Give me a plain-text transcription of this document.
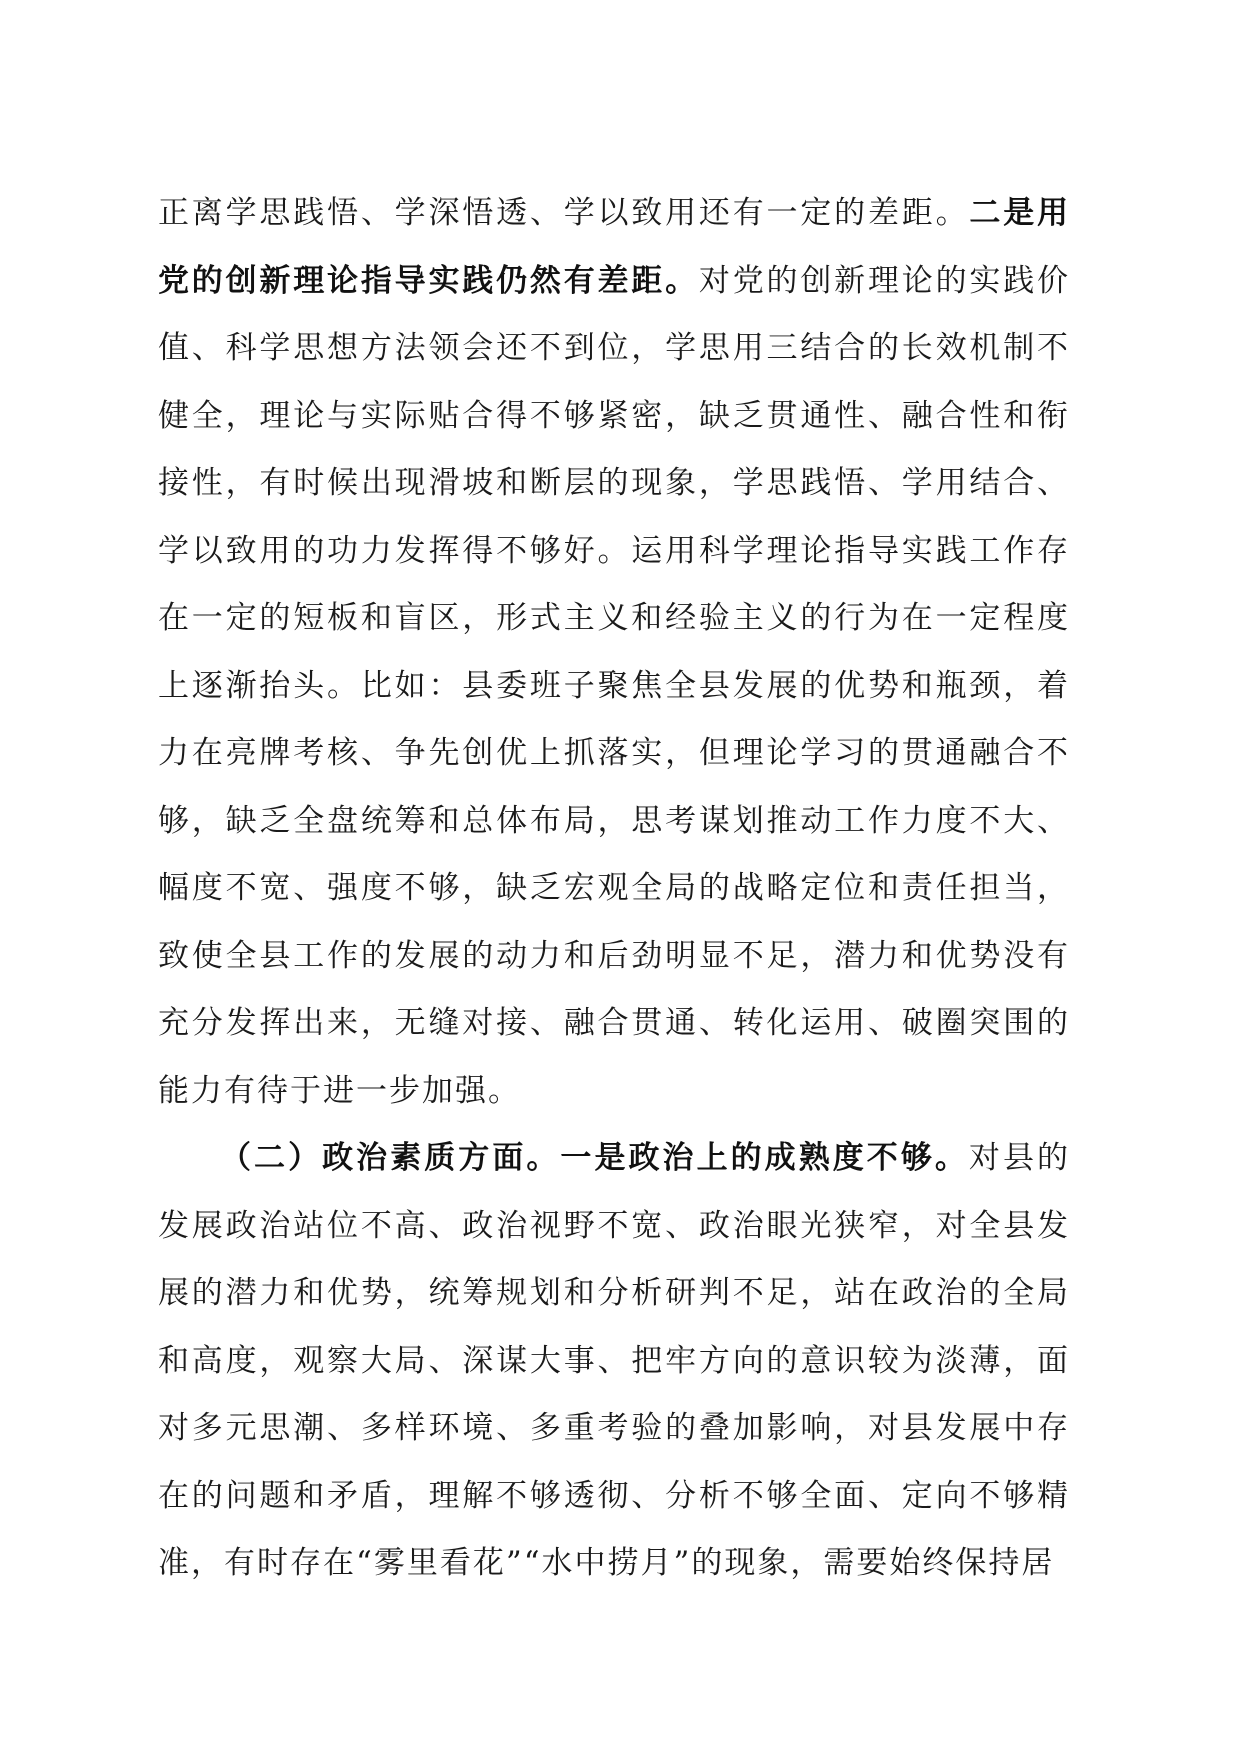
正离学思践悟、学深悟透、学以致用还有一定的差距。二是用党的创新理论指导实践仍然有差距。对党的创新理论的实践价值、科学思想方法领会还不到位，学思用三结合的长效机制不健全，理论与实际贴合得不够紧密，缺乏贯通性、融合性和衔接性，有时候出现滑坡和断层的现象，学思践悟、学用结合、学以致用的功力发挥得不够好。运用科学理论指导实践工作存在一定的短板和盲区，形式主义和经验主义的行为在一定程度上逐渐抬头。比如：县委班子聚焦全县发展的优势和瓶颈，着力在亮牌考核、争先创优上抓落实，但理论学习的贯通融合不够，缺乏全盘统筹和总体布局，思考谋划推动工作力度不大、幅度不宽、强度不够，缺乏宏观全局的战略定位和责任担当，致使全县工作的发展的动力和后劲明显不足，潜力和优势没有充分发挥出来，无缝对接、融合贯通、转化运用、破圈突围的能力有待于进一步加强。

（二）政治素质方面。一是政治上的成熟度不够。对县的发展政治站位不高、政治视野不宽、政治眼光狭窄，对全县发展的潜力和优势，统筹规划和分析研判不足，站在政治的全局和高度，观察大局、深谋大事、把牢方向的意识较为淡薄，面对多元思潮、多样环境、多重考验的叠加影响，对县发展中存在的问题和矛盾，理解不够透彻、分析不够全面、定向不够精准，有时存在“雾里看花”“水中捞月”的现象，需要始终保持居
